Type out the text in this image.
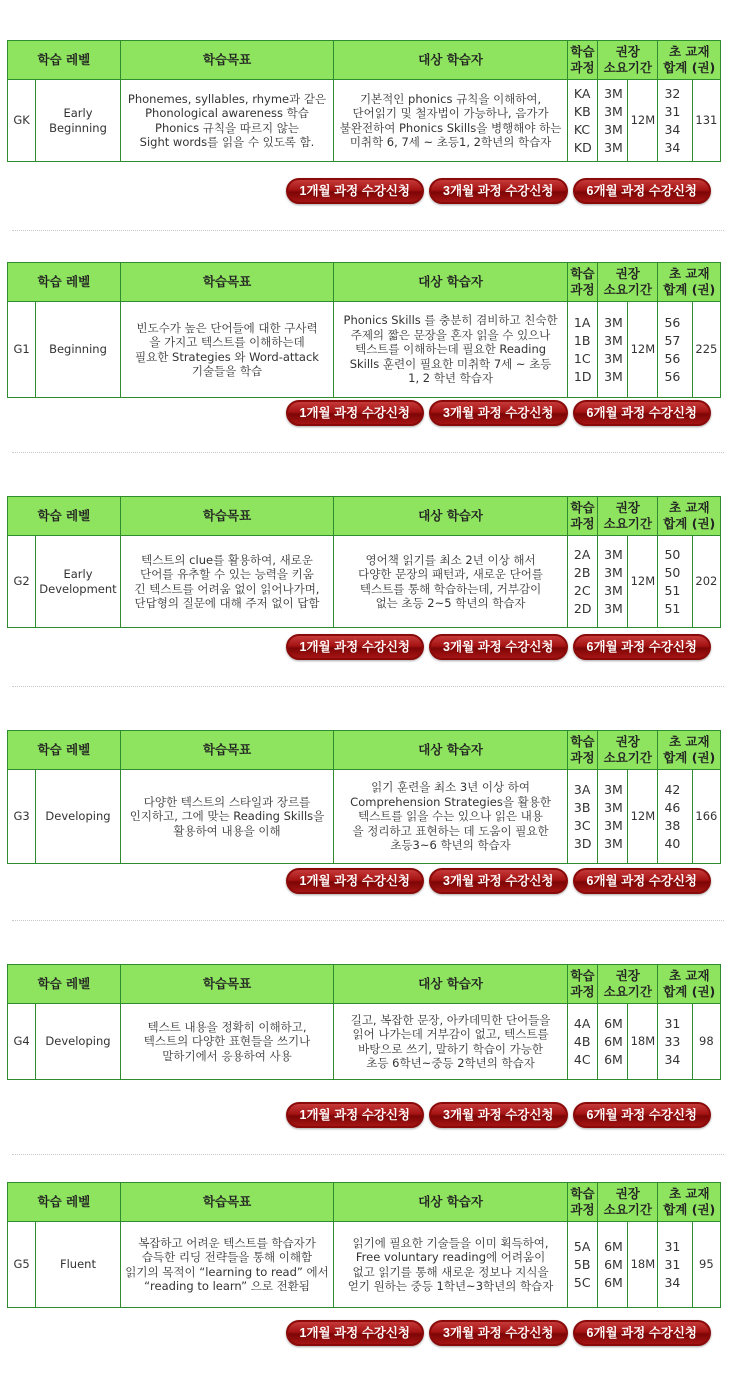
학습 레벨		학습목표	대상 학습자	학습
과정	권장
소요기간		초 교재
합계 (권)	
GK	Early
Beginning	Phonemes, syllables, rhyme과 같은
Phonological awareness 학습
Phonics 규칙을 따르지 않는
Sight words를 읽을 수 있도록 함.	기본적인 phonics 규칙을 이해하여,
단어읽기 및 철자법이 가능하나, 음가가
불완전하여 Phonics Skills을 병행해야 하는
미취학 6, 7세 ~ 초등1, 2학년의 학습자	KA
KB
KC
KD	3M
3M
3M
3M	12M	32
31
34
34	131
1개월 과정 수강신청	3개월 과정 수강신청	6개월 과정 수강신청
학습 레벨		학습목표	대상 학습자	학습
과정	권장
소요기간		초 교재
합계 (권)	
G1	Beginning	빈도수가 높은 단어들에 대한 구사력
을 가지고 텍스트를 이해하는데
필요한 Strategies 와 Word-attack
기술들을 학습	Phonics Skills 를 충분히 겸비하고 친숙한
주제의 짧은 문장을 혼자 읽을 수 있으나
텍스트를 이해하는데 필요한 Reading
Skills 훈련이 필요한 미취학 7세 ~ 초등
1, 2 학년 학습자	1A
1B
1C
1D	3M
3M
3M
3M	12M	56
57
56
56	225
1개월 과정 수강신청	3개월 과정 수강신청	6개월 과정 수강신청
학습 레벨		학습목표	대상 학습자	학습
과정	권장
소요기간		초 교재
합계 (권)	
G2	Early
Development	텍스트의 clue를 활용하여, 새로운
단어를 유추할 수 있는 능력을 키움
긴 텍스트를 어려움 없이 읽어나가며,
단답형의 질문에 대해 주저 없이 답함	영어책 읽기를 최소 2년 이상 해서
다양한 문장의 패턴과, 새로운 단어를
텍스트를 통해 학습하는데, 거부감이
없는 초등 2~5 학년의 학습자	2A
2B
2C
2D	3M
3M
3M
3M	12M	50
50
51
51	202
1개월 과정 수강신청	3개월 과정 수강신청	6개월 과정 수강신청
학습 레벨		학습목표	대상 학습자	학습
과정	권장
소요기간		초 교재
합계 (권)	
G3	Developing	다양한 텍스트의 스타일과 장르를
인지하고, 그에 맞는 Reading Skills을
활용하여 내용을 이해	읽기 훈련을 최소 3년 이상 하여
Comprehension Strategies을 활용한
텍스트를 읽을 수는 있으나 읽은 내용
을 정리하고 표현하는 데 도움이 필요한
초등3~6 학년의 학습자	3A
3B
3C
3D	3M
3M
3M
3M	12M	42
46
38
40	166
1개월 과정 수강신청	3개월 과정 수강신청	6개월 과정 수강신청
학습 레벨		학습목표	대상 학습자	학습
과정	권장
소요기간		초 교재
합계 (권)	
G4	Developing	텍스트 내용을 정확히 이해하고,
텍스트의 다양한 표현들을 쓰기나
말하기에서 응용하여 사용	길고, 복잡한 문장, 아카데믹한 단어들을
읽어 나가는데 거부감이 없고, 텍스트를
바탕으로 쓰기, 말하기 학습이 가능한
초등 6학년~중등 2학년의 학습자	4A
4B
4C	6M
6M
6M	18M	31
33
34	98
1개월 과정 수강신청	3개월 과정 수강신청	6개월 과정 수강신청
학습 레벨		학습목표	대상 학습자	학습
과정	권장
소요기간		초 교재
합계 (권)	
G5	Fluent	복잡하고 어려운 텍스트를 학습자가
습득한 리딩 전략들을 통해 이해함
읽기의 목적이 “learning to read” 에서
“reading to learn” 으로 전환됨	읽기에 필요한 기술들을 이미 획득하여,
Free voluntary reading에 어려움이
없고 읽기를 통해 새로운 정보나 지식을
얻기 원하는 중등 1학년~3학년의 학습자	5A
5B
5C	6M
6M
6M	18M	31
31
34	95
1개월 과정 수강신청	3개월 과정 수강신청	6개월 과정 수강신청
